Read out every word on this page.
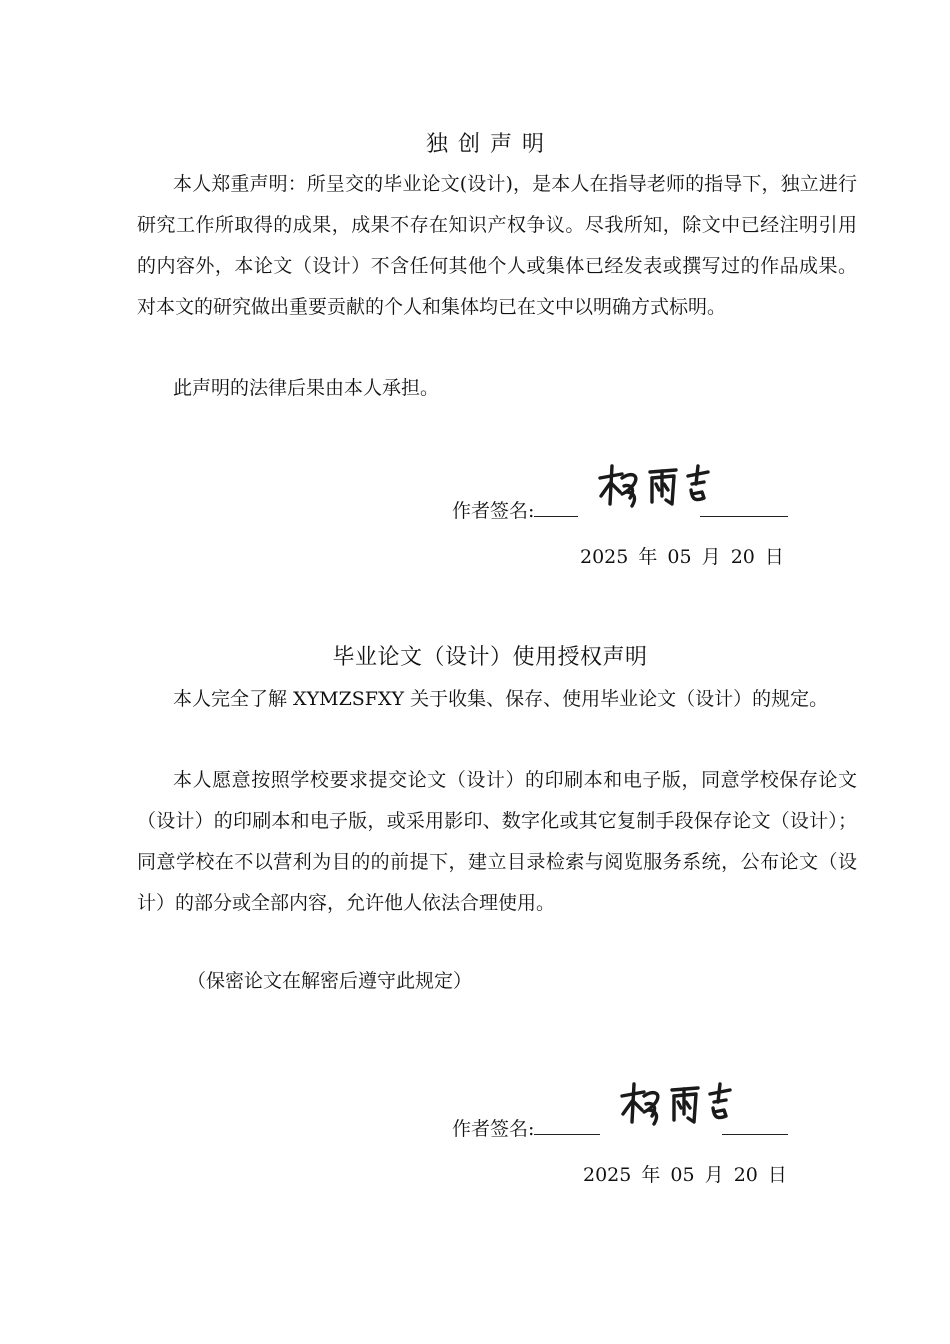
独创声明

本人郑重声明：所呈交的毕业论文(设计)，是本人在指导老师的指导下，独立进行研究工作所取得的成果，成果不存在知识产权争议。尽我所知，除文中已经注明引用的内容外，本论文（设计）不含任何其他个人或集体已经发表或撰写过的作品成果。对本文的研究做出重要贡献的个人和集体均已在文中以明确方式标明。

此声明的法律后果由本人承担。

作者签名:
2025 年 05 月 20 日
毕业论文（设计）使用授权声明

本人完全了解 XYMZSFXY 关于收集、保存、使用毕业论文（设计）的规定。

本人愿意按照学校要求提交论文（设计）的印刷本和电子版，同意学校保存论文（设计）的印刷本和电子版，或采用影印、数字化或其它复制手段保存论文（设计）；同意学校在不以营利为目的的前提下，建立目录检索与阅览服务系统，公布论文（设计）的部分或全部内容，允许他人依法合理使用。

（保密论文在解密后遵守此规定）
作者签名:
2025 年 05 月 20 日
